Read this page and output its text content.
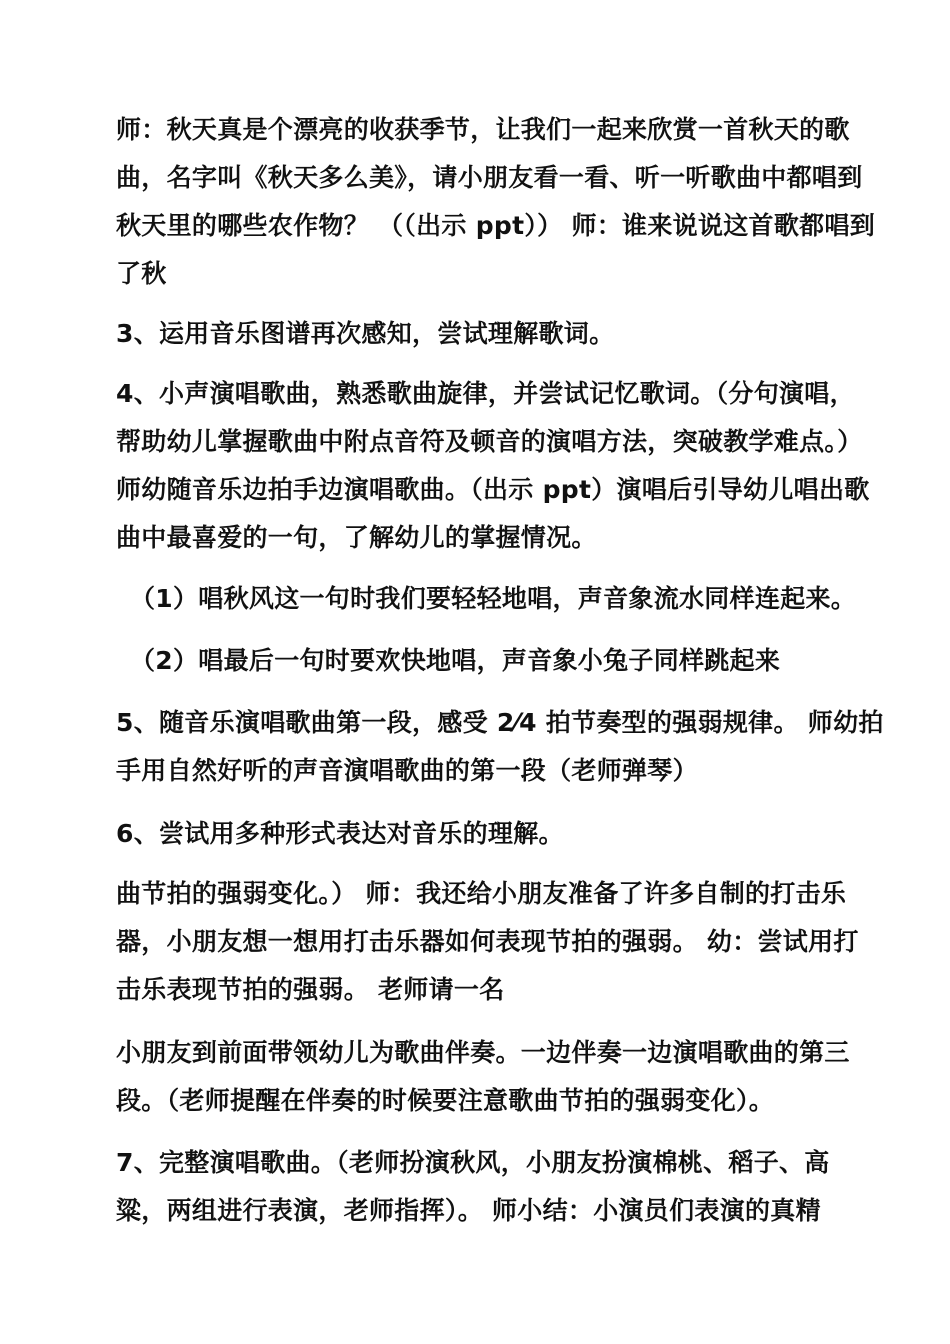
师：秋天真是个漂亮的收获季节，让我们一起来欣赏一首秋天的歌
曲，名字叫《秋天多么美》，请小朋友看一看、听一听歌曲中都唱到
秋天里的哪些农作物？ （（出示 ppt）） 师：谁来说说这首歌都唱到
了秋

3、运用音乐图谱再次感知，尝试理解歌词。

4、小声演唱歌曲，熟悉歌曲旋律，并尝试记忆歌词。（分句演唱，
帮助幼儿掌握歌曲中附点音符及顿音的演唱方法，突破教学难点。）
师幼随音乐边拍手边演唱歌曲。（出示 ppt）演唱后引导幼儿唱出歌
曲中最喜爱的一句，了解幼儿的掌握情况。

（1）唱秋风这一句时我们要轻轻地唱，声音象流水同样连起来。

（2）唱最后一句时要欢快地唱，声音象小兔子同样跳起来

5、随音乐演唱歌曲第一段，感受 2⁄4 拍节奏型的强弱规律。 师幼拍
手用自然好听的声音演唱歌曲的第一段（老师弹琴）

6、尝试用多种形式表达对音乐的理解。

曲节拍的强弱变化。） 师：我还给小朋友准备了许多自制的打击乐
器，小朋友想一想用打击乐器如何表现节拍的强弱。 幼：尝试用打
击乐表现节拍的强弱。 老师请一名

小朋友到前面带领幼儿为歌曲伴奏。一边伴奏一边演唱歌曲的第三
段。（老师提醒在伴奏的时候要注意歌曲节拍的强弱变化）。

7、完整演唱歌曲。（老师扮演秋风，小朋友扮演棉桃、稻子、高
粱，两组进行表演，老师指挥）。 师小结：小演员们表演的真精
